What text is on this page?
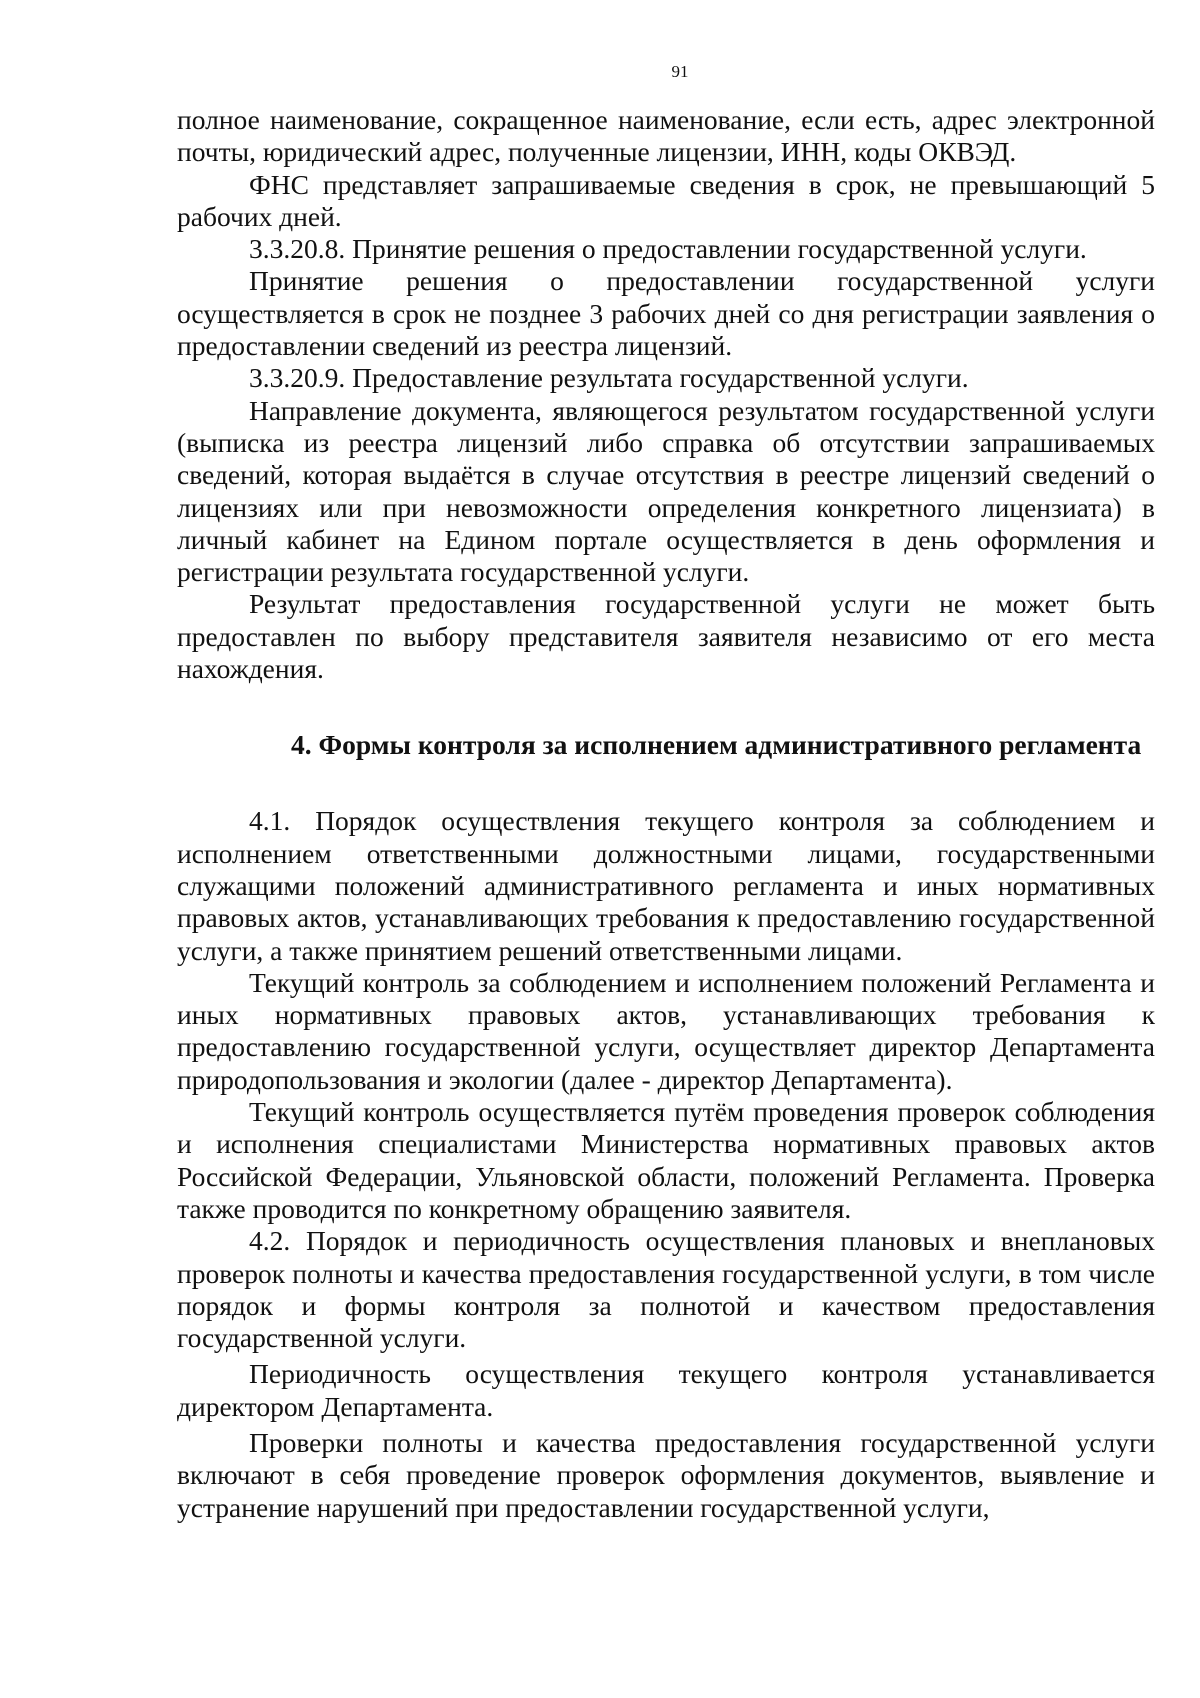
91

полное наименование, сокращенное наименование, если есть, адрес электронной почты, юридический адрес, полученные лицензии, ИНН, коды ОКВЭД.

ФНС представляет запрашиваемые сведения в срок, не превышающий 5 рабочих дней.

3.3.20.8. Принятие решения о предоставлении государственной услуги.

Принятие решения о предоставлении государственной услуги осуществляется в срок не позднее 3 рабочих дней со дня регистрации заявления о предоставлении сведений из реестра лицензий.

3.3.20.9. Предоставление результата государственной услуги.

Направление документа, являющегося результатом государственной услуги (выписка из реестра лицензий либо справка об отсутствии запрашиваемых сведений, которая выдаётся в случае отсутствия в реестре лицензий сведений о лицензиях или при невозможности определения конкретного лицензиата) в личный кабинет на Едином портале осуществляется в день оформления и регистрации результата государственной услуги.

Результат предоставления государственной услуги не может быть предоставлен по выбору представителя заявителя независимо от его места нахождения.

4. Формы контроля за исполнением административного регламента

4.1. Порядок осуществления текущего контроля за соблюдением и исполнением ответственными должностными лицами, государственными служащими положений административного регламента и иных нормативных правовых актов, устанавливающих требования к предоставлению государственной услуги, а также принятием решений ответственными лицами.

Текущий контроль за соблюдением и исполнением положений Регламента и иных нормативных правовых актов, устанавливающих требования к предоставлению государственной услуги, осуществляет директор Департамента природопользования и экологии (далее - директор Департамента).

Текущий контроль осуществляется путём проведения проверок соблюдения и исполнения специалистами Министерства нормативных правовых актов Российской Федерации, Ульяновской области, положений Регламента. Проверка также проводится по конкретному обращению заявителя.

4.2. Порядок и периодичность осуществления плановых и внеплановых проверок полноты и качества предоставления государственной услуги, в том числе порядок и формы контроля за полнотой и качеством предоставления государственной услуги.

Периодичность осуществления текущего контроля устанавливается директором Департамента.

Проверки полноты и качества предоставления государственной услуги включают в себя проведение проверок оформления документов, выявление и устранение нарушений при предоставлении государственной услуги,
